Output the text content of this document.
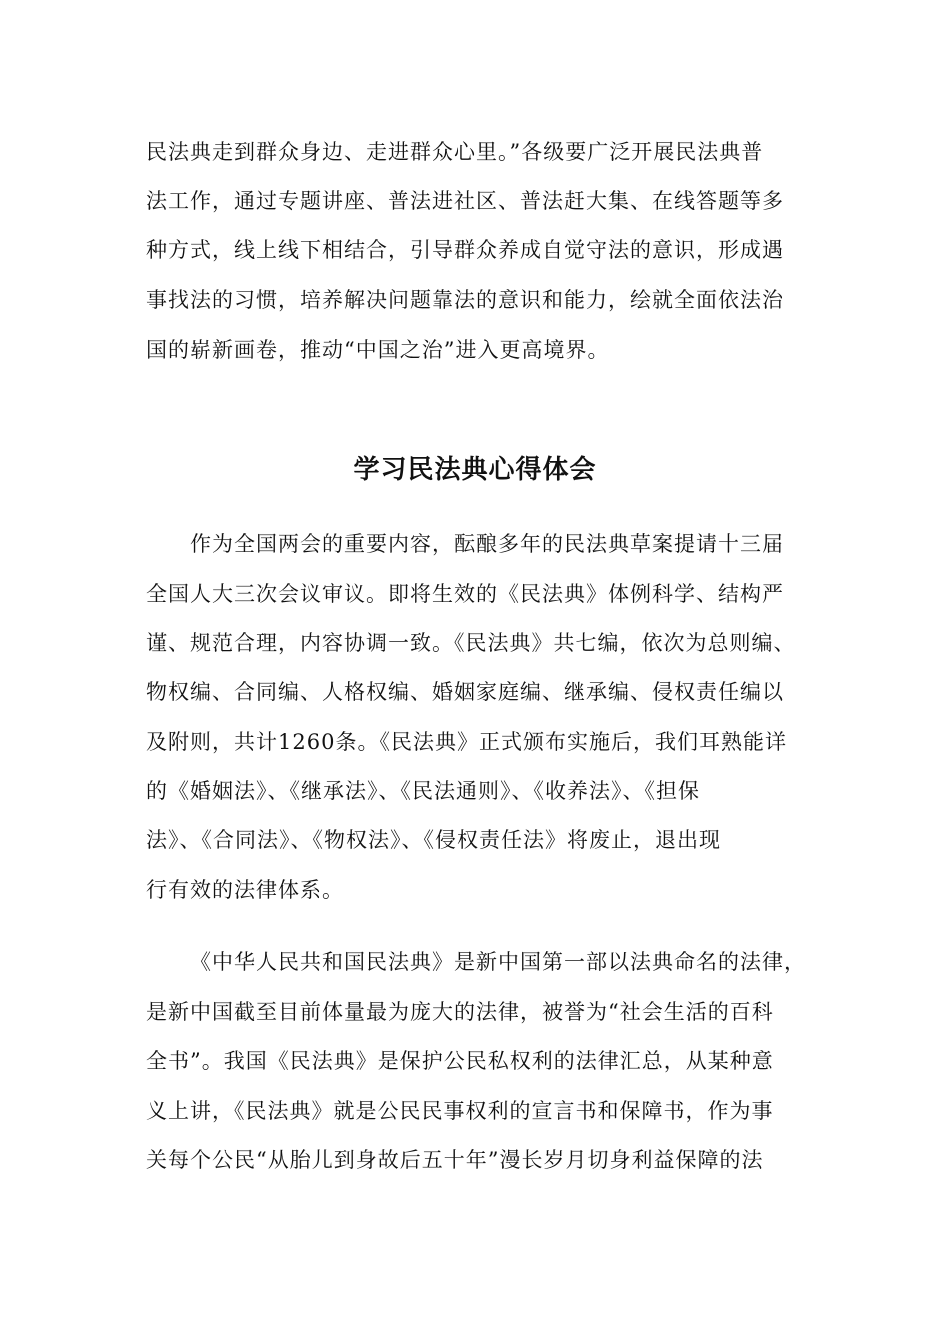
民法典走到群众身边、走进群众心里。”各级要广泛开展民法典普
法工作，通过专题讲座、普法进社区、普法赶大集、在线答题等多
种方式，线上线下相结合，引导群众养成自觉守法的意识，形成遇
事找法的习惯，培养解决问题靠法的意识和能力，绘就全面依法治
国的崭新画卷，推动“中国之治”进入更高境界。
学习民法典心得体会
作为全国两会的重要内容，酝酿多年的民法典草案提请十三届
全国人大三次会议审议。即将生效的《民法典》体例科学、结构严
谨、规范合理，内容协调一致。《民法典》共七编，依次为总则编、
物权编、合同编、人格权编、婚姻家庭编、继承编、侵权责任编以
及附则，共计1260条。《民法典》正式颁布实施后，我们耳熟能详
的《婚姻法》、《继承法》、《民法通则》、《收养法》、《担保
法》、《合同法》、《物权法》、《侵权责任法》将废止，退出现
行有效的法律体系。
《中华人民共和国民法典》是新中国第一部以法典命名的法律，
是新中国截至目前体量最为庞大的法律，被誉为“社会生活的百科
全书”。我国《民法典》是保护公民私权利的法律汇总，从某种意
义上讲，《民法典》就是公民民事权利的宣言书和保障书，作为事
关每个公民“从胎儿到身故后五十年”漫长岁月切身利益保障的法
